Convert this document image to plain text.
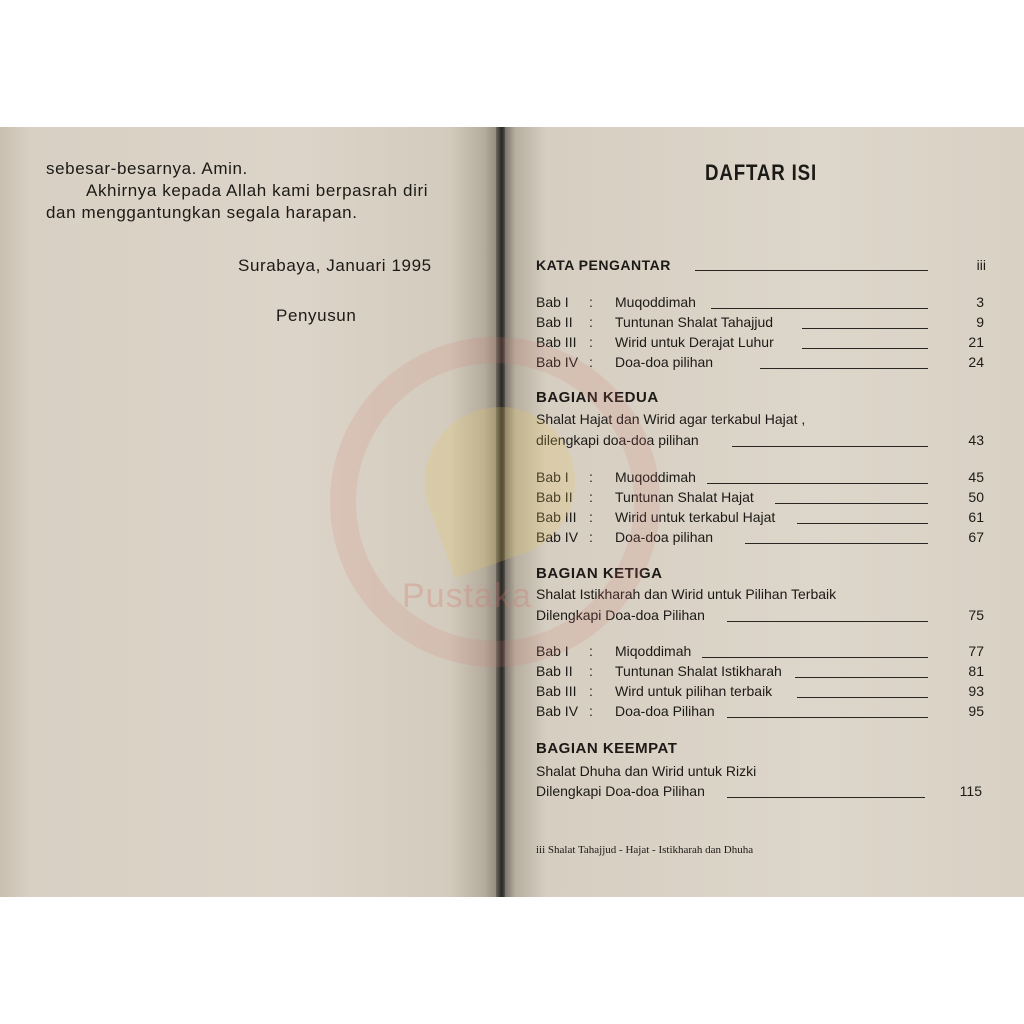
sebesar-besarnya. Amin.
Akhirnya kepada Allah kami berpasrah diri
dan menggantungkan segala harapan.
Surabaya, Januari 1995
Penyusun
DAFTAR ISI
KATA PENGANTAR	iii
Bab I : Muqoddimah	3
Bab II : Tuntunan Shalat Tahajjud	9
Bab III : Wirid untuk Derajat Luhur	21
Bab IV : Doa-doa pilihan	24
BAGIAN KEDUA
Shalat Hajat dan Wirid agar terkabul Hajat ,
dilengkapi doa-doa pilihan	43
Bab I : Muqoddimah	45
Bab II : Tuntunan Shalat Hajat	50
Bab III : Wirid untuk terkabul Hajat	61
Bab IV : Doa-doa pilihan	67
BAGIAN KETIGA
Shalat Istikharah dan Wirid untuk Pilihan Terbaik
Dilengkapi Doa-doa Pilihan	75
Bab I : Miqoddimah	77
Bab II : Tuntunan Shalat Istikharah	81
Bab III : Wird untuk pilihan terbaik	93
Bab IV : Doa-doa Pilihan	95
BAGIAN KEEMPAT
Shalat Dhuha dan Wirid untuk Rizki
Dilengkapi Doa-doa Pilihan	115
iii Shalat Tahajjud - Hajat - Istikharah dan Dhuha
Pustaka
